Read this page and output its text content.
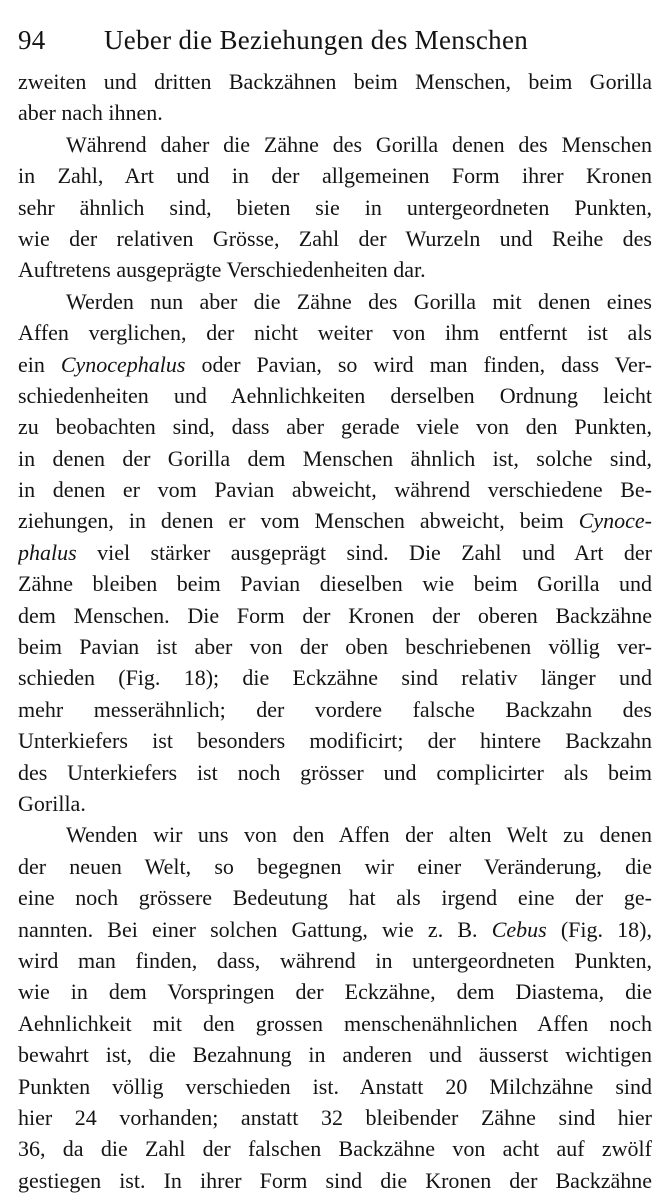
94 Ueber die Beziehungen des Menschen
zweiten und dritten Backzähnen beim Menschen, beim Gorilla
aber nach ihnen.
Während daher die Zähne des Gorilla denen des Menschen
in Zahl, Art und in der allgemeinen Form ihrer Kronen
sehr ähnlich sind, bieten sie in untergeordneten Punkten,
wie der relativen Grösse, Zahl der Wurzeln und Reihe des
Auftretens ausgeprägte Verschiedenheiten dar.
Werden nun aber die Zähne des Gorilla mit denen eines
Affen verglichen, der nicht weiter von ihm entfernt ist als
ein Cynocephalus oder Pavian, so wird man finden, dass Ver-
schiedenheiten und Aehnlichkeiten derselben Ordnung leicht
zu beobachten sind, dass aber gerade viele von den Punkten,
in denen der Gorilla dem Menschen ähnlich ist, solche sind,
in denen er vom Pavian abweicht, während verschiedene Be-
ziehungen, in denen er vom Menschen abweicht, beim Cynoce-
phalus viel stärker ausgeprägt sind. Die Zahl und Art der
Zähne bleiben beim Pavian dieselben wie beim Gorilla und
dem Menschen. Die Form der Kronen der oberen Backzähne
beim Pavian ist aber von der oben beschriebenen völlig ver-
schieden (Fig. 18); die Eckzähne sind relativ länger und
mehr messerähnlich; der vordere falsche Backzahn des
Unterkiefers ist besonders modificirt; der hintere Backzahn
des Unterkiefers ist noch grösser und complicirter als beim
Gorilla.
Wenden wir uns von den Affen der alten Welt zu denen
der neuen Welt, so begegnen wir einer Veränderung, die
eine noch grössere Bedeutung hat als irgend eine der ge-
nannten. Bei einer solchen Gattung, wie z. B. Cebus (Fig. 18),
wird man finden, dass, während in untergeordneten Punkten,
wie in dem Vorspringen der Eckzähne, dem Diastema, die
Aehnlichkeit mit den grossen menschenähnlichen Affen noch
bewahrt ist, die Bezahnung in anderen und äusserst wichtigen
Punkten völlig verschieden ist. Anstatt 20 Milchzähne sind
hier 24 vorhanden; anstatt 32 bleibender Zähne sind hier
36, da die Zahl der falschen Backzähne von acht auf zwölf
gestiegen ist. In ihrer Form sind die Kronen der Backzähne
